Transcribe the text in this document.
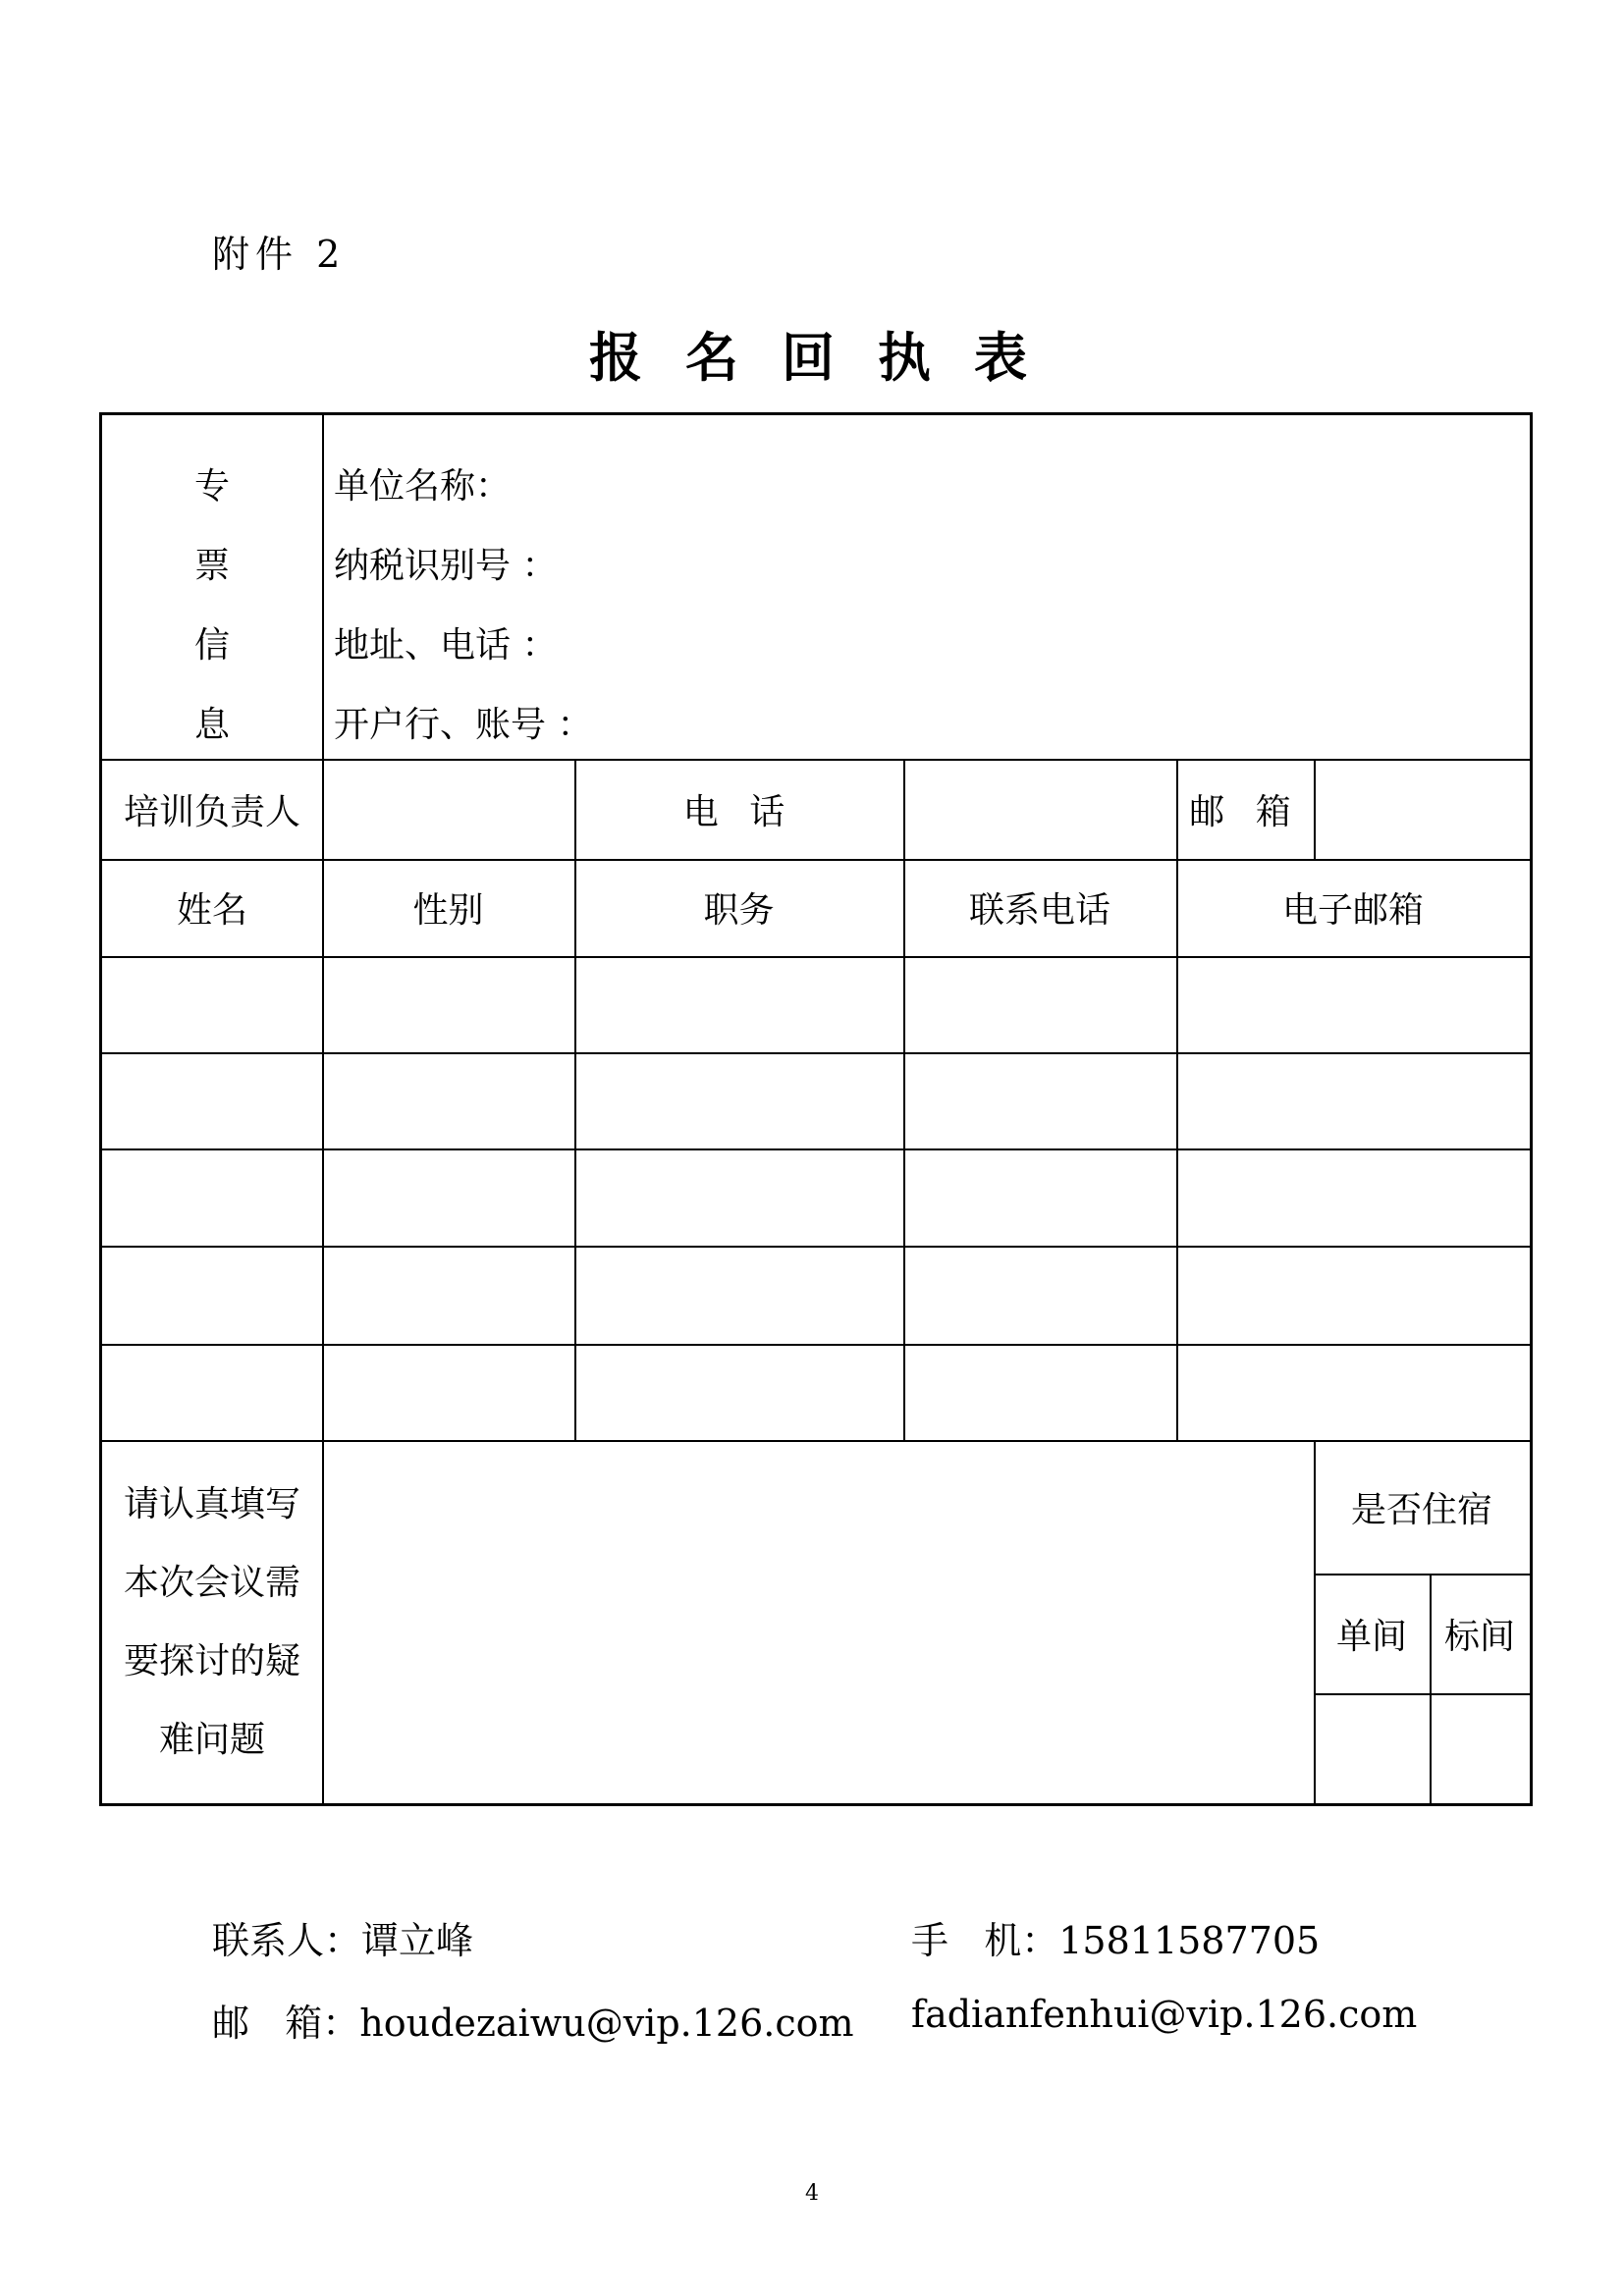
附件 2
报名回执表
专
票
信
息
单位名称：
纳税识别号 ：
地址、电话 ：
开户行、账号 ：
培训负责人	电 话	邮 箱
姓名	性别	职务	联系电话	电子邮箱
请认真填写
本次会议需
要探讨的疑
难问题
是否住宿
单间	标间
联系人：谭立峰	手   机：15811587705
邮   箱：houdezaiwu@vip.126.com fadianfenhui@vip.126.com
4
